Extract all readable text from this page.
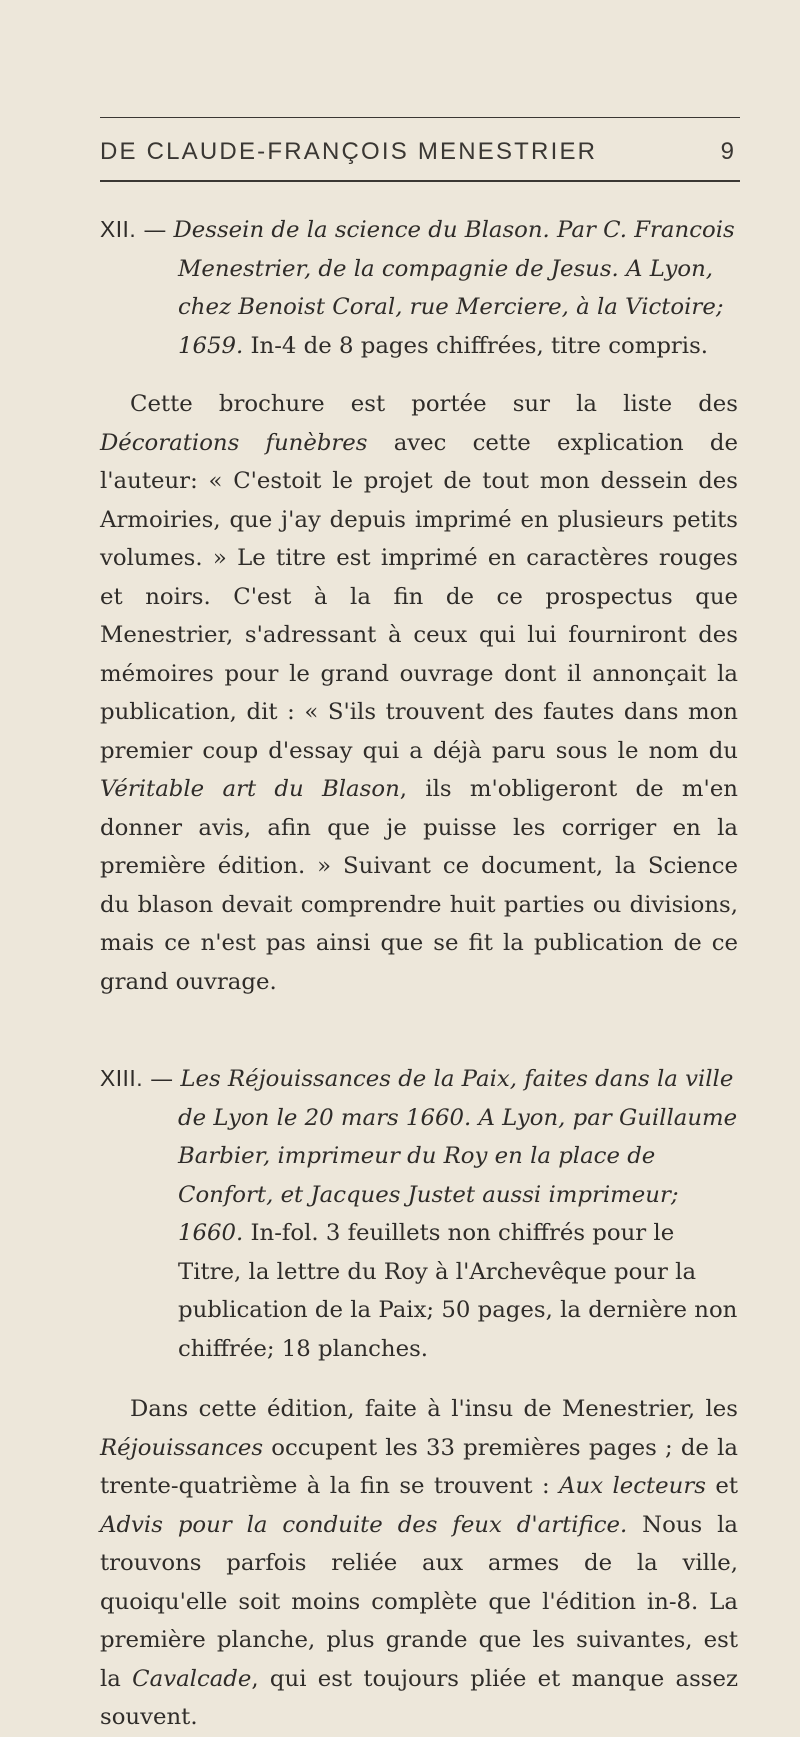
DE CLAUDE-FRANÇOIS MENESTRIER	9

XII. — Dessein de la science du Blason. Par C. Francois Menestrier, de la compagnie de Jesus. A Lyon, chez Benoist Coral, rue Merciere, à la Victoire; 1659. In-4 de 8 pages chiffrées, titre compris.

Cette brochure est portée sur la liste des Décorations funèbres avec cette explication de l'auteur: « C'estoit le projet de tout mon dessein des Armoiries, que j'ay depuis imprimé en plusieurs petits volumes. » Le titre est imprimé en caractères rouges et noirs. C'est à la fin de ce prospectus que Menestrier, s'adressant à ceux qui lui fourniront des mémoires pour le grand ouvrage dont il annonçait la publication, dit : « S'ils trouvent des fautes dans mon premier coup d'essay qui a déjà paru sous le nom du Véritable art du Blason, ils m'obligeront de m'en donner avis, afin que je puisse les corriger en la première édition. » Suivant ce document, la Science du blason devait comprendre huit parties ou divisions, mais ce n'est pas ainsi que se fit la publication de ce grand ouvrage.

XIII. — Les Réjouissances de la Paix, faites dans la ville de Lyon le 20 mars 1660. A Lyon, par Guillaume Barbier, imprimeur du Roy en la place de Confort, et Jacques Justet aussi imprimeur; 1660. In-fol. 3 feuillets non chiffrés pour le Titre, la lettre du Roy à l'Archevêque pour la publication de la Paix; 50 pages, la dernière non chiffrée; 18 planches.

Dans cette édition, faite à l'insu de Menestrier, les Réjouissances occupent les 33 premières pages ; de la trente-quatrième à la fin se trouvent : Aux lecteurs et Advis pour la conduite des feux d'artifice. Nous la trouvons parfois reliée aux armes de la ville, quoiqu'elle soit moins complète que l'édition in-8. La première planche, plus grande que les suivantes, est la Cavalcade, qui est toujours pliée et manque assez souvent.
